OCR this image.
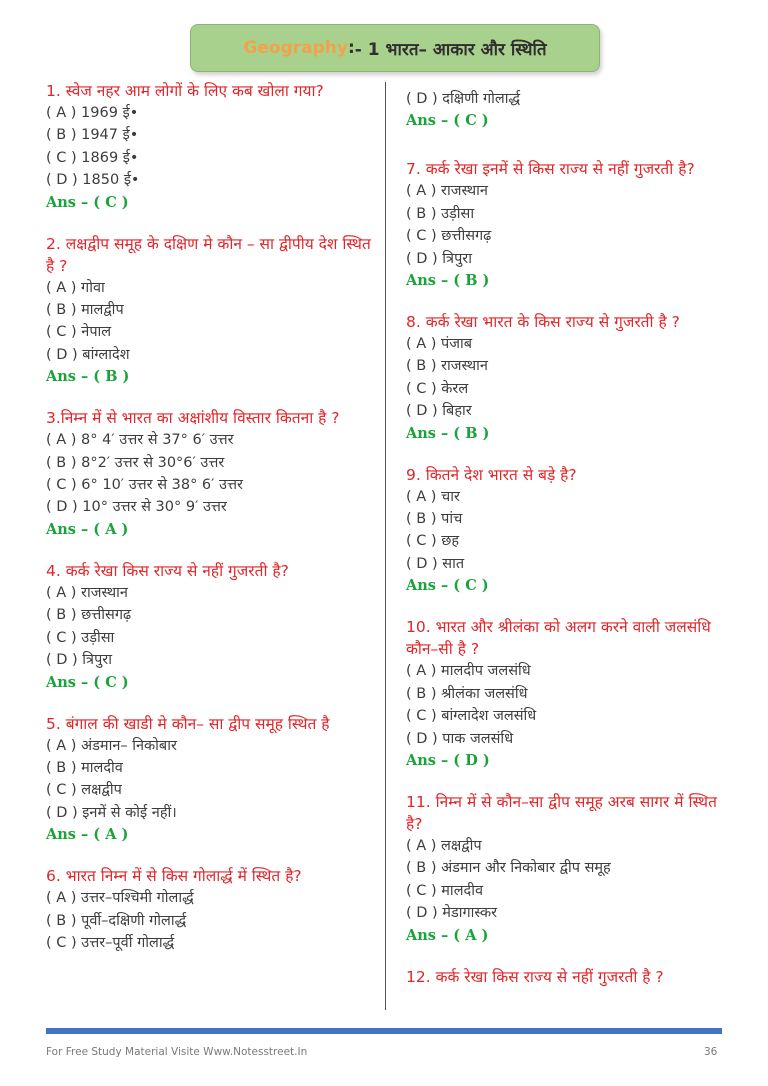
Geography : - 1 भारत– आकार और स्थिति
1. स्वेज नहर आम लोगों के लिए कब खोला गया?
( A ) 1969 ई•
( B ) 1947 ई•
( C ) 1869 ई•
( D ) 1850 ई•
Ans – ( C )
2. लक्षद्वीप समूह के दक्षिण मे कौन – सा द्वीपीय देश स्थित है ?
( A ) गोवा
( B ) मालद्वीप
( C ) नेपाल
( D ) बांग्लादेश
Ans – ( B )
3.निम्न में से भारत का अक्षांशीय विस्तार कितना है ?
( A ) 8° 4′ उत्तर से 37° 6′ उत्तर
( B ) 8°2′ उत्तर से 30°6′ उत्तर
( C ) 6° 10′ उत्तर से 38° 6′ उत्तर
( D ) 10° उत्तर से 30° 9′ उत्तर
Ans – ( A )
4. कर्क रेखा किस राज्य से नहीं गुजरती है?
( A ) राजस्थान
( B ) छत्तीसगढ़
( C ) उड़ीसा
( D ) त्रिपुरा
Ans – ( C )
5. बंगाल की खाडी मे कौन– सा द्वीप समूह स्थित है
( A ) अंडमान– निकोबार
( B ) मालदीव
( C ) लक्षद्वीप
( D ) इनमें से कोई नहीं।
Ans – ( A )
6. भारत निम्न में से किस गोलार्द्ध में स्थित है?
( A ) उत्तर–पश्चिमी गोलार्द्ध
( B ) पूर्वी–दक्षिणी गोलार्द्ध
( C ) उत्तर–पूर्वी गोलार्द्ध
( D ) दक्षिणी गोलार्द्ध
Ans – ( C )
7. कर्क रेखा इनमें से किस राज्य से नहीं गुजरती है?
( A ) राजस्थान
( B ) उड़ीसा
( C ) छत्तीसगढ़
( D ) त्रिपुरा
Ans – ( B )
8. कर्क रेखा भारत के किस राज्य से गुजरती है ?
( A ) पंजाब
( B ) राजस्थान
( C ) केरल
( D ) बिहार
Ans – ( B )
9. कितने देश भारत से बड़े है?
( A ) चार
( B ) पांच
( C ) छह
( D ) सात
Ans – ( C )
10. भारत और श्रीलंका को अलग करने वाली जलसंधि कौन–सी है ?
( A ) मालदीप जलसंधि
( B ) श्रीलंका जलसंधि
( C ) बांग्लादेश जलसंधि
( D ) पाक जलसंधि
Ans – ( D )
11. निम्न में से कौन–सा द्वीप समूह अरब सागर में स्थित है?
( A ) लक्षद्वीप
( B ) अंडमान और निकोबार द्वीप समूह
( C ) मालदीव
( D ) मेडागास्कर
Ans – ( A )
12. कर्क रेखा किस राज्य से नहीं गुजरती है ?
For Free Study Material Visite Www.Notesstreet.In	36
